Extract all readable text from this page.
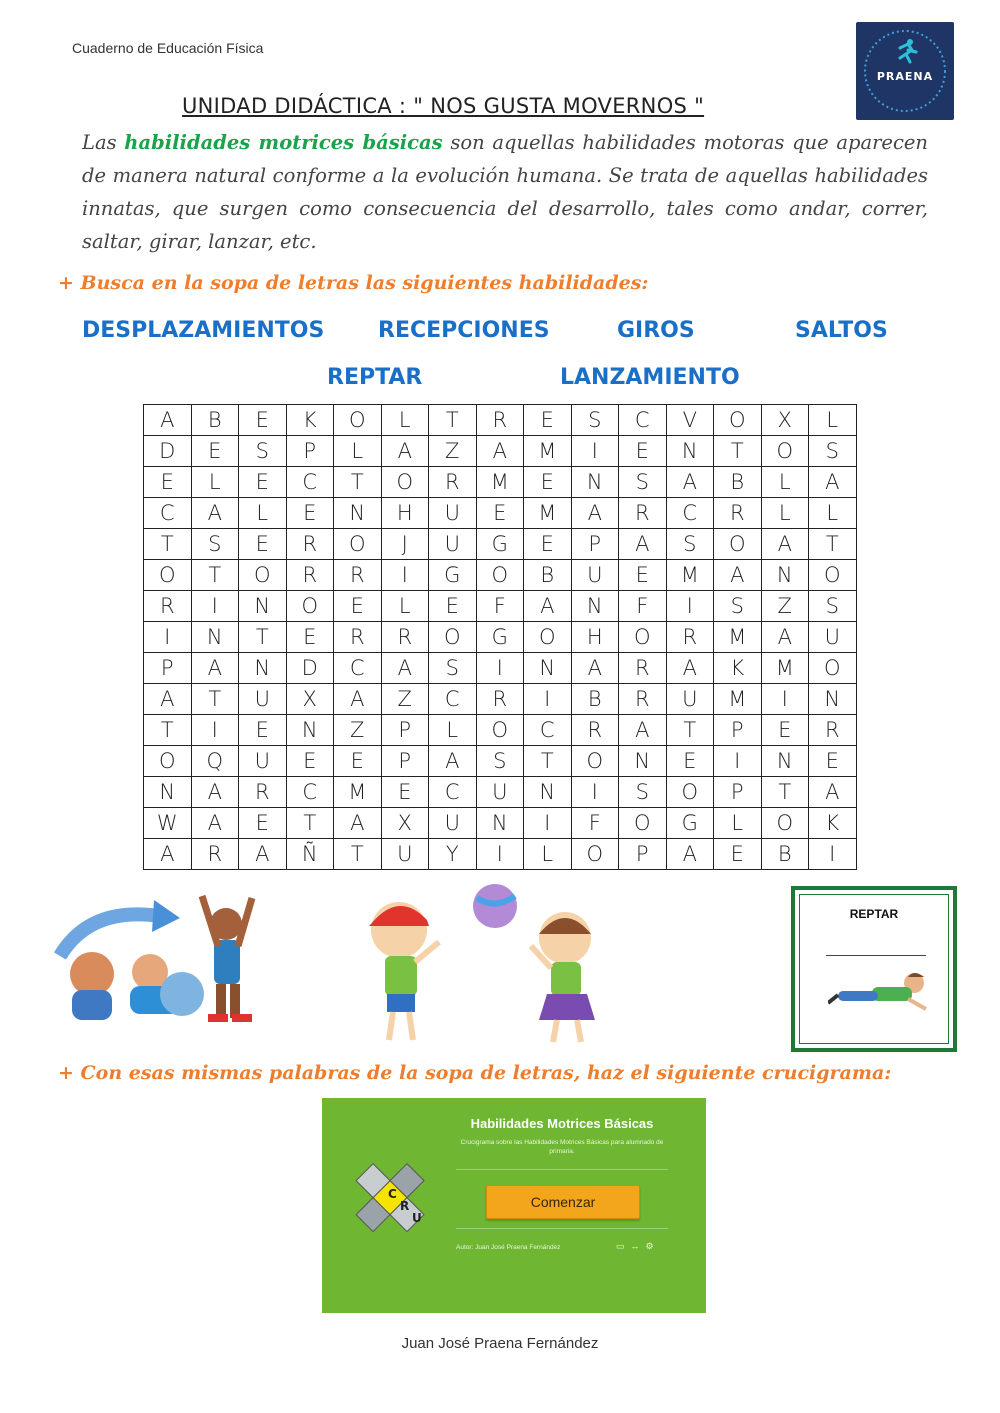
Cuaderno de Educación Física
PRAENA
UNIDAD DIDÁCTICA : " NOS GUSTA MOVERNOS "
Las habilidades motrices básicas son aquellas habilidades motoras que aparecen de manera natural conforme a la evolución humana. Se trata de aquellas habilidades innatas, que surgen como consecuencia del desarrollo, tales como andar, correr, saltar, girar, lanzar, etc.
+ Busca en la sopa de letras las siguientes habilidades:
DESPLAZAMIENTOS RECEPCIONES	GIROS	SALTOS
REPTAR	LANZAMIENTO
A	B	E	K	O	L	T	R	E	S	C	V	O	X	L
D	E	S	P	L	A	Z	A	M	I	E	N	T	O	S
E	L	E	C	T	O	R	M	E	N	S	A	B	L	A
C	A	L	E	N	H	U	E	M	A	R	C	R	L	L
T	S	E	R	O	J	U	G	E	P	A	S	O	A	T
O	T	O	R	R	I	G	O	B	U	E	M	A	N	O
R	I	N	O	E	L	E	F	A	N	F	I	S	Z	S
I	N	T	E	R	R	O	G	O	H	O	R	M	A	U
P	A	N	D	C	A	S	I	N	A	R	A	K	M	O
A	T	U	X	A	Z	C	R	I	B	R	U	M	I	N
T	I	E	N	Z	P	L	O	C	R	A	T	P	E	R
O	Q	U	E	E	P	A	S	T	O	N	E	I	N	E
N	A	R	C	M	E	C	U	N	I	S	O	P	T	A
W	A	E	T	A	X	U	N	I	F	O	G	L	O	K
A	R	A	Ñ	T	U	Y	I	L	O	P	A	E	B	I
REPTAR
+ Con esas mismas palabras de la sopa de letras, haz el siguiente crucigrama:
C
R
U
Habilidades Motrices Básicas
Crucigrama sobre las Habilidades Motrices Básicas para alumnado de primaria.
Comenzar
Autor: Juan José Praena Fernández	▭↔⚙
Juan José Praena Fernández
